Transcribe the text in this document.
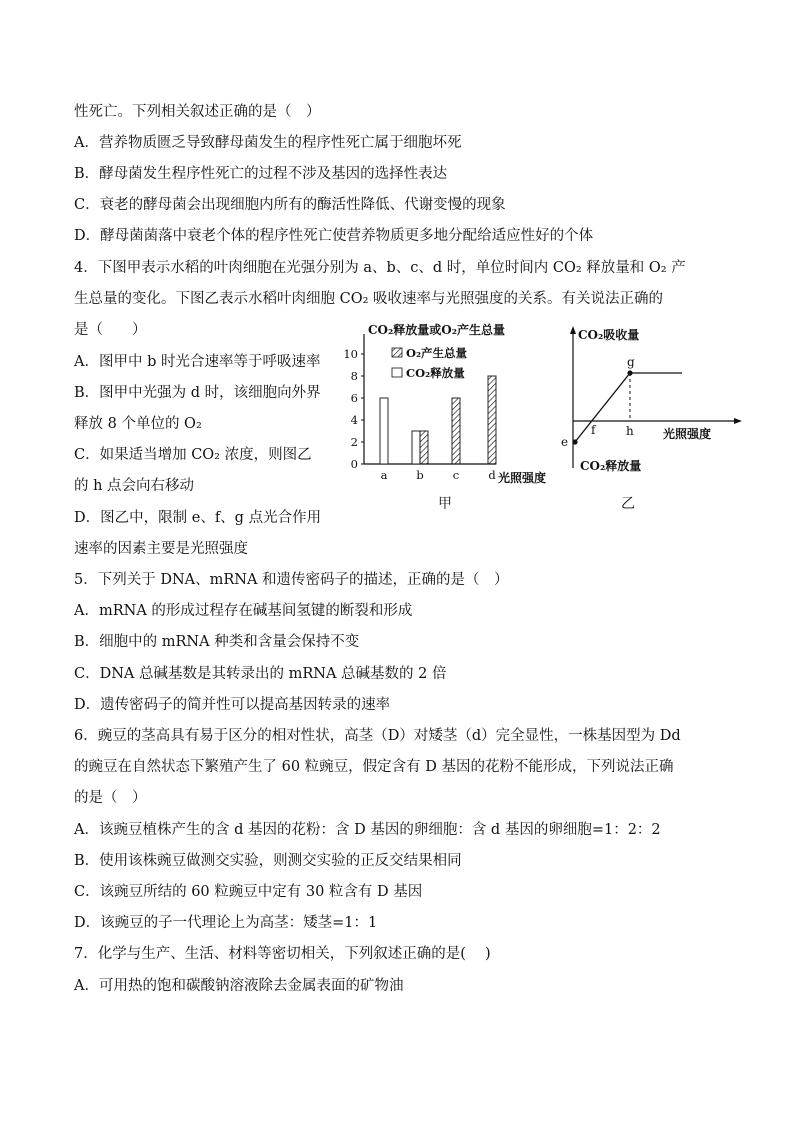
性死亡。下列相关叙述正确的是（　）
A．营养物质匮乏导致酵母菌发生的程序性死亡属于细胞坏死
B．酵母菌发生程序性死亡的过程不涉及基因的选择性表达
C．衰老的酵母菌会出现细胞内所有的酶活性降低、代谢变慢的现象
D．酵母菌菌落中衰老个体的程序性死亡使营养物质更多地分配给适应性好的个体
4．下图甲表示水稻的叶肉细胞在光强分别为 a、b、c、d 时，单位时间内 CO₂ 释放量和 O₂ 产
生总量的变化。下图乙表示水稻叶肉细胞 CO₂ 吸收速率与光照强度的关系。有关说法正确的
是（　　）
A．图甲中 b 时光合速率等于呼吸速率
B．图甲中光强为 d 时，该细胞向外界
释放 8 个单位的 O₂
C．如果适当增加 CO₂ 浓度，则图乙
的 h 点会向右移动
D．图乙中，限制 e、f、g 点光合作用
速率的因素主要是光照强度
5．下列关于 DNA、mRNA 和遗传密码子的描述，正确的是（　）
A．mRNA 的形成过程存在碱基间氢键的断裂和形成
B．细胞中的 mRNA 种类和含量会保持不变
C．DNA 总碱基数是其转录出的 mRNA 总碱基数的 2 倍
D．遗传密码子的简并性可以提高基因转录的速率
6．豌豆的茎高具有易于区分的相对性状，高茎（D）对矮茎（d）完全显性，一株基因型为 Dd
的豌豆在自然状态下繁殖产生了 60 粒豌豆，假定含有 D 基因的花粉不能形成，下列说法正确
的是（　）
A．该豌豆植株产生的含 d 基因的花粉：含 D 基因的卵细胞：含 d 基因的卵细胞=1：2：2
B．使用该株豌豆做测交实验，则测交实验的正反交结果相同
C．该豌豆所结的 60 粒豌豆中定有 30 粒含有 D 基因
D．该豌豆的子一代理论上为高茎：矮茎=1：1
7．化学与生产、生活、材料等密切相关，下列叙述正确的是(　 )
A．可用热的饱和碳酸钠溶液除去金属表面的矿物油
CO₂释放量或O₂产生总量
0
2
4
6
8
10
a	b	c	d
O₂产生总量
CO₂释放量
光照强度
甲
CO₂吸收量
e
f
g
h 光照强度
CO₂释放量
乙
